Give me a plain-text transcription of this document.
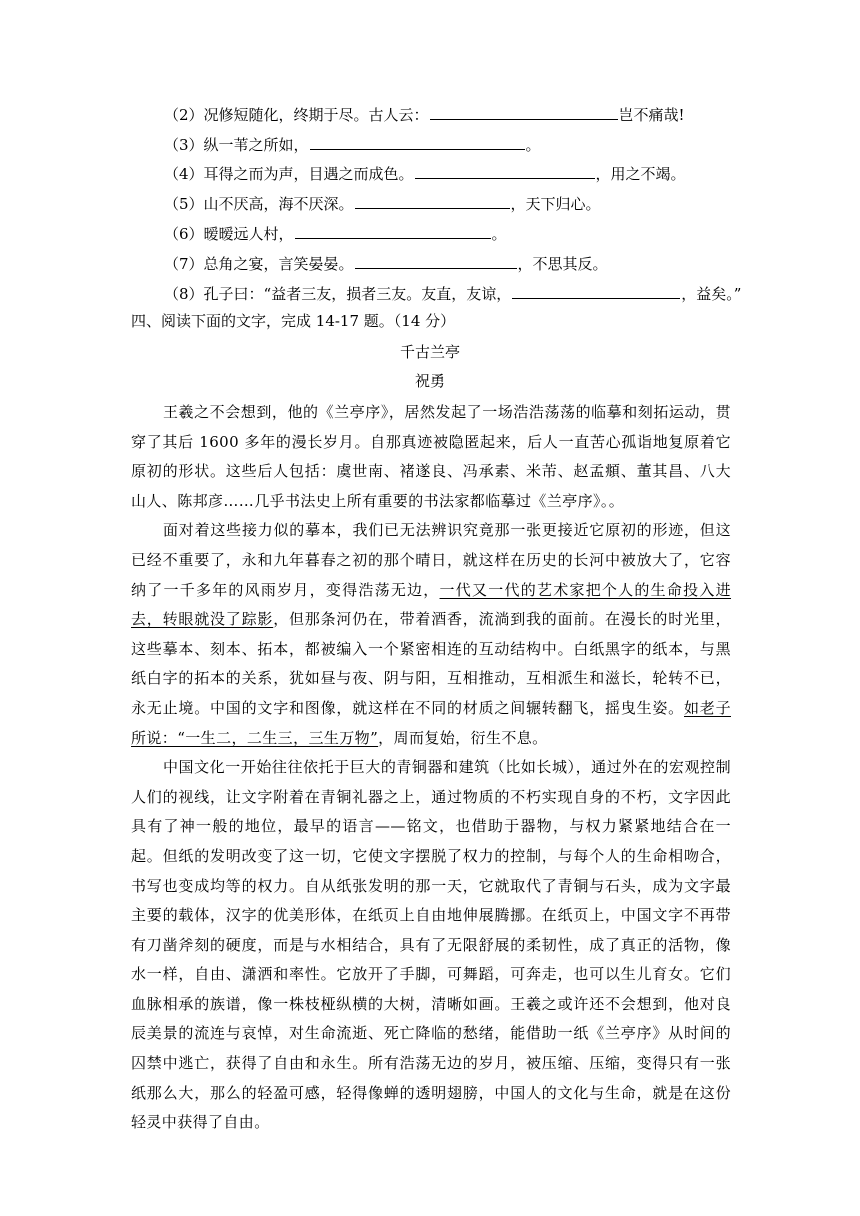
（2）况修短随化，终期于尽。古人云：	岂不痛哉!
（3）纵一苇之所如，	。
（4）耳得之而为声，目遇之而成色。	，用之不竭。
（5）山不厌高，海不厌深。	，天下归心。
（6）暧暧远人村，	。
（7）总角之宴，言笑晏晏。	，不思其反。
（8）孔子曰：“益者三友，损者三友。友直，友谅，	，益矣。”
四、阅读下面的文字，完成 14-17 题。（14 分）
千古兰亭
祝勇

王羲之不会想到，他的《兰亭序》，居然发起了一场浩浩荡荡的临摹和刻拓运动，贯穿了其后 1600 多年的漫长岁月。自那真迹被隐匿起来，后人一直苦心孤诣地复原着它原初的形状。这些后人包括：虞世南、褚遂良、冯承素、米芾、赵孟頫、董其昌、八大山人、陈邦彦……几乎书法史上所有重要的书法家都临摹过《兰亭序》。。

面对着这些接力似的摹本，我们已无法辨识究竟那一张更接近它原初的形迹，但这已经不重要了，永和九年暮春之初的那个晴日，就这样在历史的长河中被放大了，它容纳了一千多年的风雨岁月，变得浩荡无边，一代又一代的艺术家把个人的生命投入进去，转眼就没了踪影，但那条河仍在，带着酒香，流淌到我的面前。在漫长的时光里，这些摹本、刻本、拓本，都被编入一个紧密相连的互动结构中。白纸黑字的纸本，与黑纸白字的拓本的关系，犹如昼与夜、阴与阳，互相推动，互相派生和滋长，轮转不已，永无止境。中国的文字和图像，就这样在不同的材质之间辗转翻飞，摇曳生姿。如老子所说：“一生二，二生三，三生万物”，周而复始，衍生不息。

中国文化一开始往往依托于巨大的青铜器和建筑（比如长城），通过外在的宏观控制人们的视线，让文字附着在青铜礼器之上，通过物质的不朽实现自身的不朽，文字因此具有了神一般的地位，最早的语言——铭文，也借助于器物，与权力紧紧地结合在一起。但纸的发明改变了这一切，它使文字摆脱了权力的控制，与每个人的生命相吻合，书写也变成均等的权力。自从纸张发明的那一天，它就取代了青铜与石头，成为文字最主要的载体，汉字的优美形体，在纸页上自由地伸展腾挪。在纸页上，中国文字不再带有刀凿斧刻的硬度，而是与水相结合，具有了无限舒展的柔韧性，成了真正的活物，像水一样，自由、潇洒和率性。它放开了手脚，可舞蹈，可奔走，也可以生儿育女。它们血脉相承的族谱，像一株枝桠纵横的大树，清晰如画。王羲之或许还不会想到，他对良辰美景的流连与哀悼，对生命流逝、死亡降临的愁绪，能借助一纸《兰亭序》从时间的囚禁中逃亡，获得了自由和永生。所有浩荡无边的岁月，被压缩、压缩，变得只有一张纸那么大，那么的轻盈可感，轻得像蝉的透明翅膀，中国人的文化与生命，就是在这份轻灵中获得了自由。
